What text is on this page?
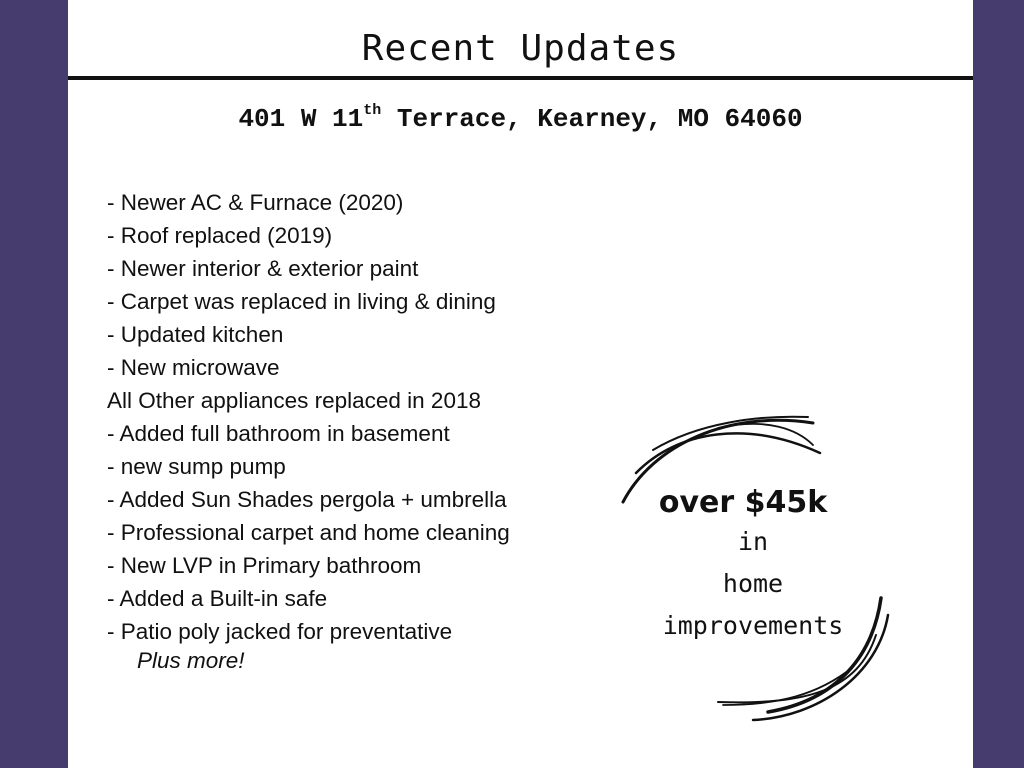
Recent Updates
401 W 11th Terrace, Kearney, MO 64060
- Newer AC & Furnace (2020)
- Roof replaced (2019)
- Newer interior & exterior paint
- Carpet was replaced in living & dining
- Updated kitchen
- New microwave
All Other appliances replaced in 2018
- Added full bathroom in basement
- new sump pump
- Added Sun Shades pergola + umbrella
- Professional carpet and home cleaning
- New LVP in Primary bathroom
- Added a Built-in safe
- Patio poly jacked for preventative
Plus more!
over $45k
in
home
improvements
